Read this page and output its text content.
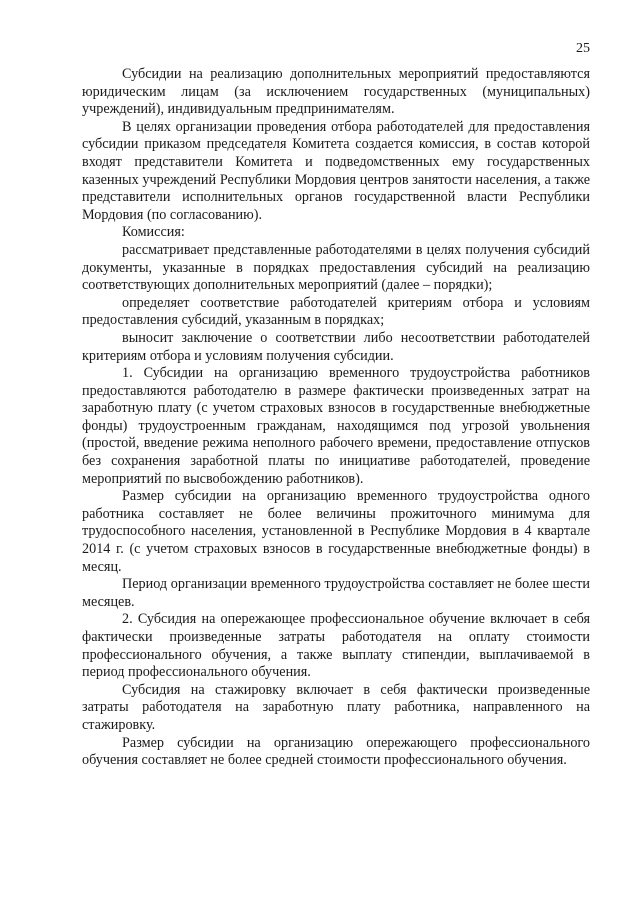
25

Субсидии на реализацию дополнительных мероприятий предоставляются юридическим лицам (за исключением государственных (муниципальных) учреждений), индивидуальным предпринимателям.

В целях организации проведения отбора работодателей для предоставления субсидии приказом председателя Комитета создается комиссия, в состав которой входят представители Комитета и подведомственных ему государственных казенных учреждений Республики Мордовия центров занятости населения, а также представители исполнительных органов государственной власти Республики Мордовия (по согласованию).

Комиссия:

рассматривает представленные работодателями в целях получения субсидий документы, указанные в порядках предоставления субсидий на реализацию соответствующих дополнительных мероприятий (далее – порядки);

определяет соответствие работодателей критериям отбора и условиям предоставления субсидий, указанным в порядках;

выносит заключение о соответствии либо несоответствии работодателей критериям отбора и условиям получения субсидии.

1. Субсидии на организацию временного трудоустройства работников предоставляются работодателю в размере фактически произведенных затрат на заработную плату (с учетом страховых взносов в государственные внебюджетные фонды) трудоустроенным гражданам, находящимся под угрозой увольнения (простой, введение режима неполного рабочего времени, предоставление отпусков без сохранения заработной платы по инициативе работодателей, проведение мероприятий по высвобождению работников).

Размер субсидии на организацию временного трудоустройства одного работника составляет не более величины прожиточного минимума для трудоспособного населения, установленной в Республике Мордовия в 4 квартале 2014 г. (с учетом страховых взносов в государственные внебюджетные фонды) в месяц.

Период организации временного трудоустройства составляет не более шести месяцев.

2. Субсидия на опережающее профессиональное обучение включает в себя фактически произведенные затраты работодателя на оплату стоимости профессионального обучения, а также выплату стипендии, выплачиваемой в период профессионального обучения.

Субсидия на стажировку включает в себя фактически произведенные затраты работодателя на заработную плату работника, направленного на стажировку.

Размер субсидии на организацию опережающего профессионального обучения составляет не более средней стоимости профессионального обучения.
